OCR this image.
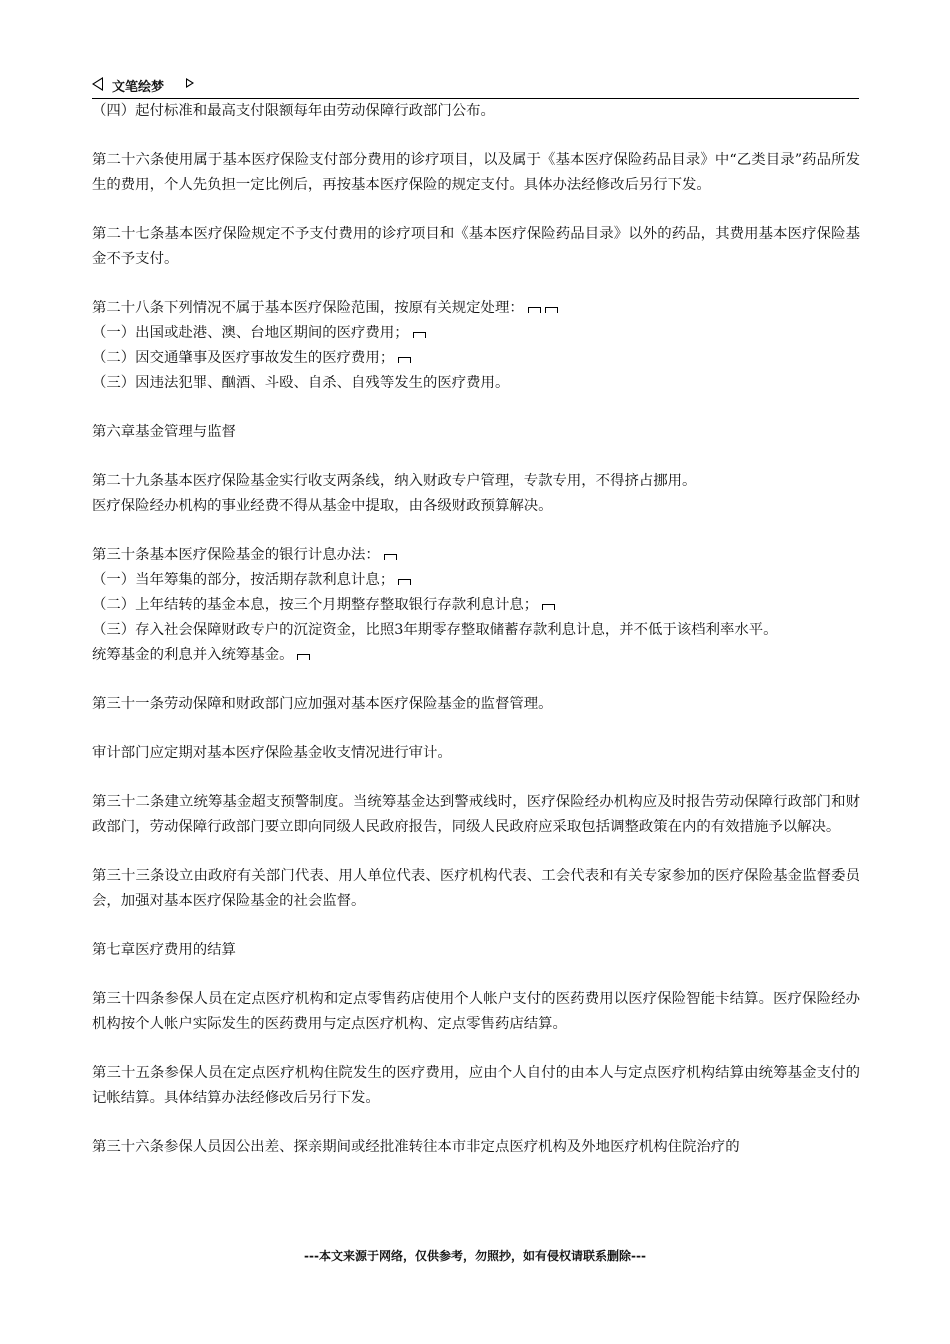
文笔绘梦

（四）起付标准和最高支付限额每年由劳动保障行政部门公布。

第二十六条使用属于基本医疗保险支付部分费用的诊疗项目，以及属于《基本医疗保险药品目录》中“乙类目录”药品所发生的费用，个人先负担一定比例后，再按基本医疗保险的规定支付。具体办法经修改后另行下发。

第二十七条基本医疗保险规定不予支付费用的诊疗项目和《基本医疗保险药品目录》以外的药品，其费用基本医疗保险基金不予支付。

第二十八条下列情况不属于基本医疗保险范围，按原有关规定处理：

（一）出国或赴港、澳、台地区期间的医疗费用；

（二）因交通肇事及医疗事故发生的医疗费用；

（三）因违法犯罪、酗酒、斗殴、自杀、自残等发生的医疗费用。

第六章基金管理与监督

第二十九条基本医疗保险基金实行收支两条线，纳入财政专户管理，专款专用，不得挤占挪用。

医疗保险经办机构的事业经费不得从基金中提取，由各级财政预算解决。

第三十条基本医疗保险基金的银行计息办法：

（一）当年筹集的部分，按活期存款利息计息；

（二）上年结转的基金本息，按三个月期整存整取银行存款利息计息；

（三）存入社会保障财政专户的沉淀资金，比照3年期零存整取储蓄存款利息计息，并不低于该档利率水平。

统筹基金的利息并入统筹基金。

第三十一条劳动保障和财政部门应加强对基本医疗保险基金的监督管理。

审计部门应定期对基本医疗保险基金收支情况进行审计。

第三十二条建立统筹基金超支预警制度。当统筹基金达到警戒线时，医疗保险经办机构应及时报告劳动保障行政部门和财政部门，劳动保障行政部门要立即向同级人民政府报告，同级人民政府应采取包括调整政策在内的有效措施予以解决。

第三十三条设立由政府有关部门代表、用人单位代表、医疗机构代表、工会代表和有关专家参加的医疗保险基金监督委员会，加强对基本医疗保险基金的社会监督。

第七章医疗费用的结算

第三十四条参保人员在定点医疗机构和定点零售药店使用个人帐户支付的医药费用以医疗保险智能卡结算。医疗保险经办机构按个人帐户实际发生的医药费用与定点医疗机构、定点零售药店结算。

第三十五条参保人员在定点医疗机构住院发生的医疗费用，应由个人自付的由本人与定点医疗机构结算由统筹基金支付的记帐结算。具体结算办法经修改后另行下发。

第三十六条参保人员因公出差、探亲期间或经批准转往本市非定点医疗机构及外地医疗机构住院治疗的

---本文来源于网络，仅供参考，勿照抄，如有侵权请联系删除---
